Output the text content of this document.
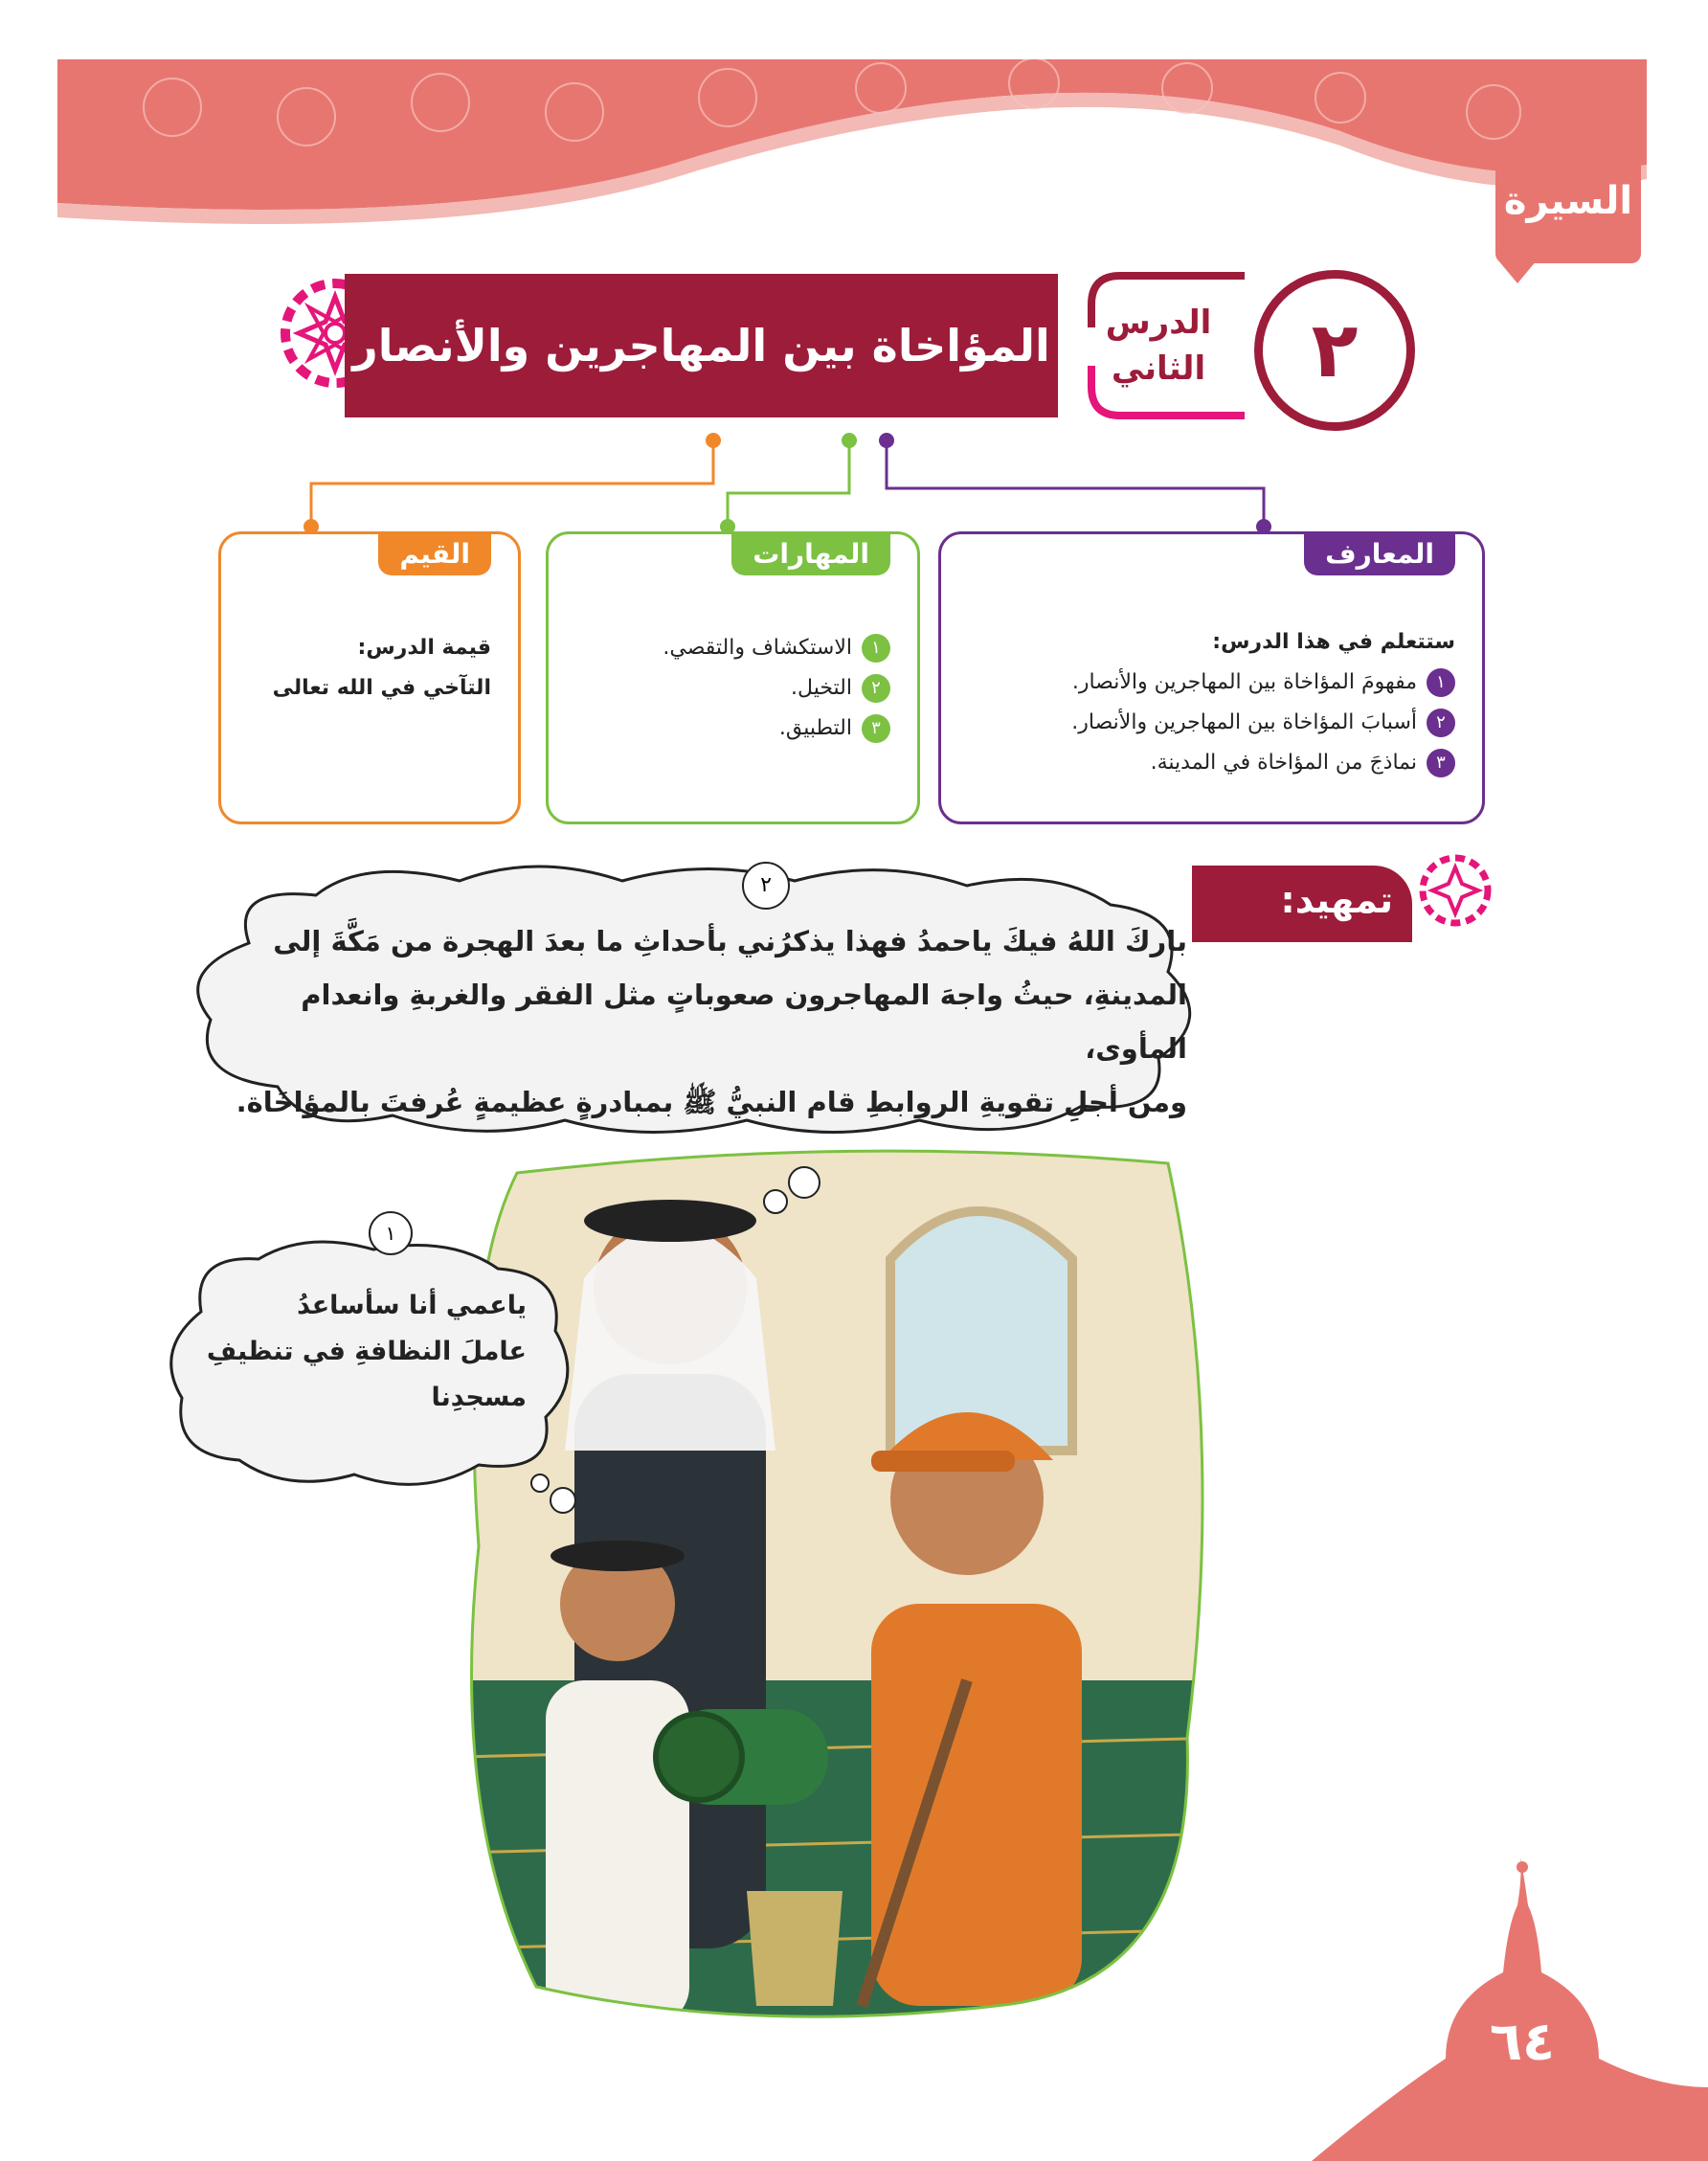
السيرة
المؤاخاة بين المهاجرين والأنصار	الدرس
الثاني	٢
المعارف
ستتعلم في هذا الدرس:
١مفهومَ المؤاخاة بين المهاجرين والأنصار.
٢أسبابَ المؤاخاة بين المهاجرين والأنصار.
٣نماذجَ من المؤاخاة في المدينة.
المهارات
١الاستكشاف والتقصي.
٢التخيل.
٣التطبيق.
القيم
قيمة الدرس:
التآخي في الله تعالى
تمهيد:
٢
باركَ اللهُ فيكَ ياحمدُ فهذا يذكرُني بأحداثِ ما بعدَ الهجرة من مَكَّةَ إلى
المدينةِ، حيثُ واجهَ المهاجرون صعوباتٍ مثل الفقر والغربةِ وانعدام المأوى،
ومن أجلِ تقويةِ الروابطِ قام النبيُّ ﷺ بمبادرةٍ عظيمةٍ عُرفتَ بالمؤاخَاة.
١
ياعمي أنا سأساعدُ
عاملَ النظافةِ في تنظيفِ
مسجدِنا
٦٤
